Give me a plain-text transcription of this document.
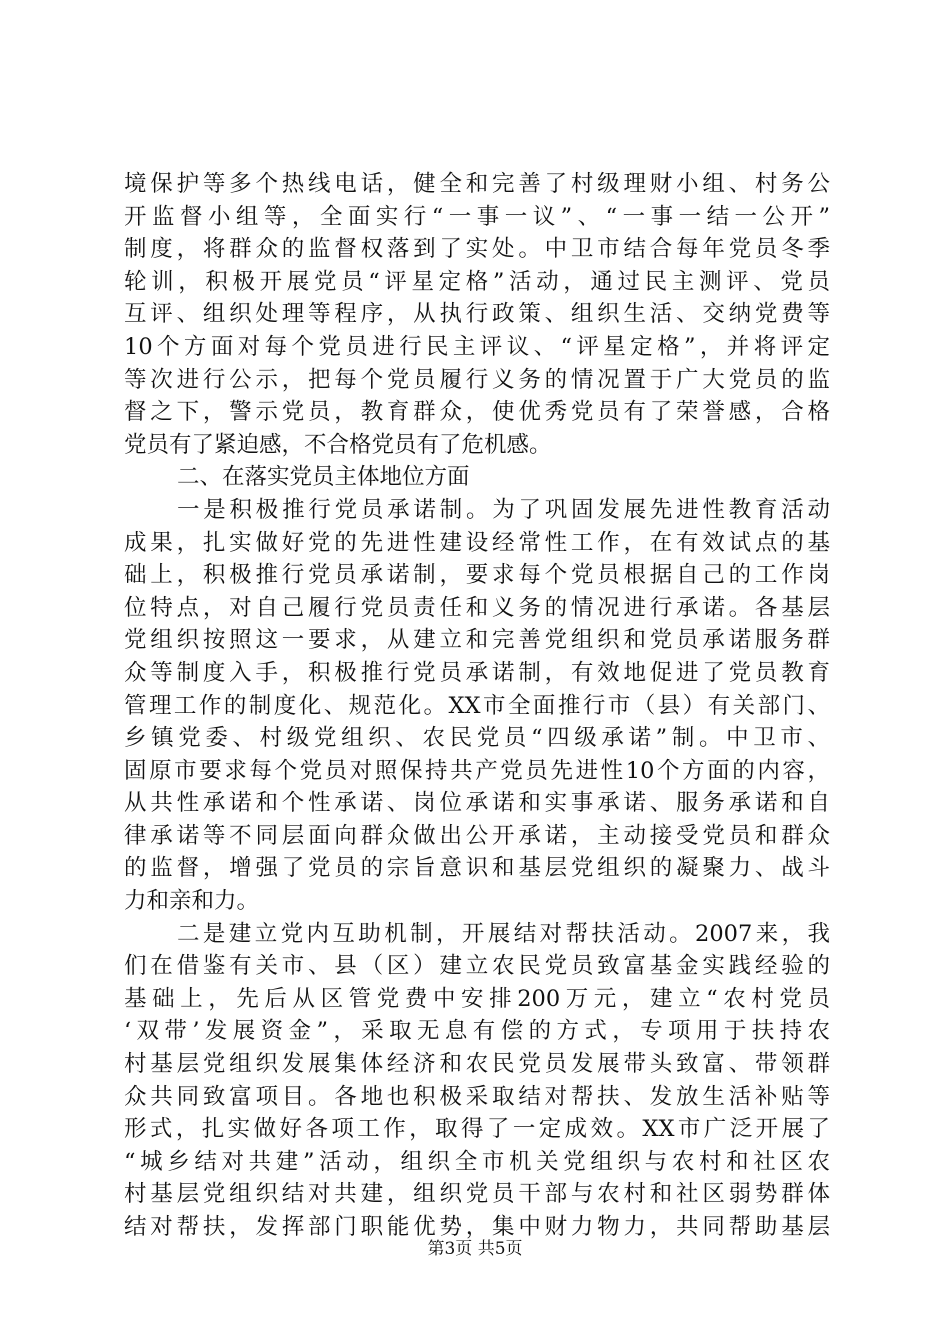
境保护等多个热线电话，健全和完善了村级理财小组、村务公
开监督小组等，全面实行“一事一议”、“一事一结一公开”
制度，将群众的监督权落到了实处。中卫市结合每年党员冬季
轮训，积极开展党员“评星定格”活动，通过民主测评、党员
互评、组织处理等程序，从执行政策、组织生活、交纳党费等
10个方面对每个党员进行民主评议、“评星定格”，并将评定
等次进行公示，把每个党员履行义务的情况置于广大党员的监
督之下，警示党员，教育群众，使优秀党员有了荣誉感，合格
党员有了紧迫感，不合格党员有了危机感。
二、在落实党员主体地位方面
一是积极推行党员承诺制。为了巩固发展先进性教育活动
成果，扎实做好党的先进性建设经常性工作，在有效试点的基
础上，积极推行党员承诺制，要求每个党员根据自己的工作岗
位特点，对自己履行党员责任和义务的情况进行承诺。各基层
党组织按照这一要求，从建立和完善党组织和党员承诺服务群
众等制度入手，积极推行党员承诺制，有效地促进了党员教育
管理工作的制度化、规范化。XX市全面推行市（县）有关部门、
乡镇党委、村级党组织、农民党员“四级承诺”制。中卫市、
固原市要求每个党员对照保持共产党员先进性10个方面的内容，
从共性承诺和个性承诺、岗位承诺和实事承诺、服务承诺和自
律承诺等不同层面向群众做出公开承诺，主动接受党员和群众
的监督，增强了党员的宗旨意识和基层党组织的凝聚力、战斗
力和亲和力。
二是建立党内互助机制，开展结对帮扶活动。2007来，我
们在借鉴有关市、县（区）建立农民党员致富基金实践经验的
基础上，先后从区管党费中安排200万元，建立“农村党员
‘双带’发展资金”，采取无息有偿的方式，专项用于扶持农
村基层党组织发展集体经济和农民党员发展带头致富、带领群
众共同致富项目。各地也积极采取结对帮扶、发放生活补贴等
形式，扎实做好各项工作，取得了一定成效。XX市广泛开展了
“城乡结对共建”活动，组织全市机关党组织与农村和社区农
村基层党组织结对共建，组织党员干部与农村和社区弱势群体
结对帮扶，发挥部门职能优势，集中财力物力，共同帮助基层
第3页 共5页
